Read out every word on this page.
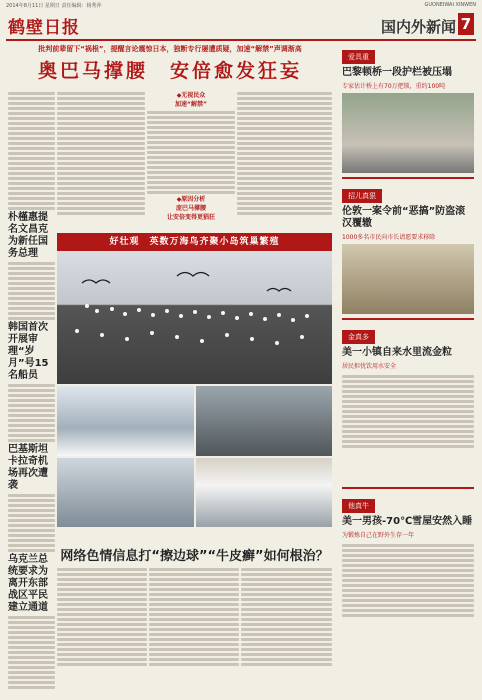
2014年8月11日 星期日 责任编辑：杨秀萍	GUONEIWAI XINWEN
鹤壁日报	国内外新闻 7
批判前辈留下“祸根”，提醒言论震惊日本，独断专行屡遭质疑，加速“解禁”声调渐高
奥巴马撑腰　安倍愈发狂妄
朴槿惠提名文昌克为新任国务总理
韩国首次开展审理“岁月”号15名船员
巴基斯坦卡拉奇机场再次遭袭
乌克兰总统要求为离开东部战区平民建立通道
◆无视民众
加速“解禁”
◆原因分析
庞巴马撑腰
让安倍变得更猖狂
好壮观　英数万海鸟齐聚小岛筑巢繁殖
网络色情信息打“擦边球”“牛皮癣”如何根治？
爱具重
巴黎顿桥一段护栏被压塌
专家估计桥上有70万把锁，重约100吨
招儿真狠
伦敦一案令前“恶搞”防盗滚汉覆辙
1000多名市民向市长请愿要求移除
金真多
美一小镇自来水里流金粒
居民担忧饮用水安全
他真牛
美一男孩-70℃雪屋安然入睡
为锻炼自己在野外生存一年
